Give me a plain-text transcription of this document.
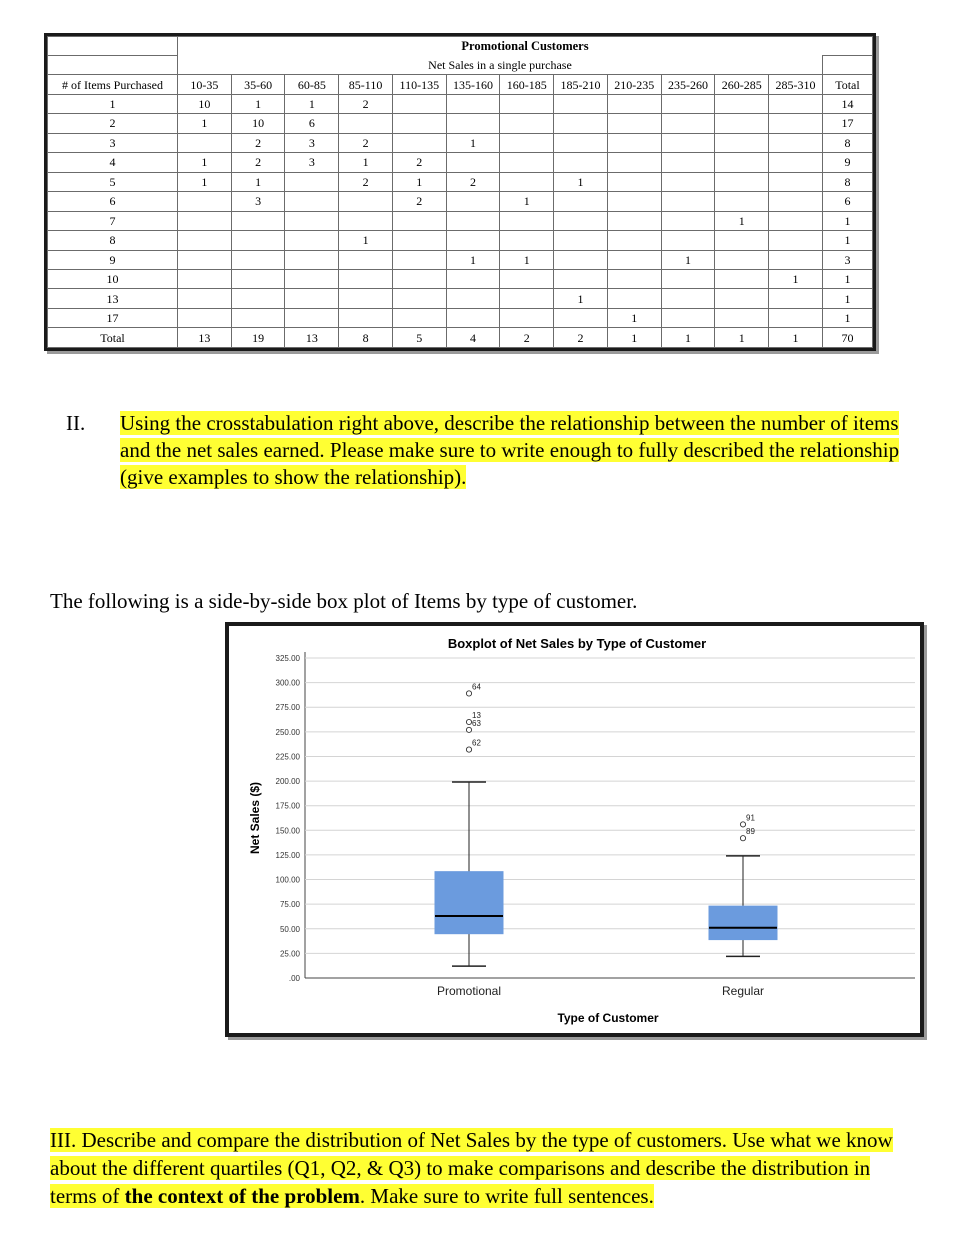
	Promotional Customers												
	Net Sales in a single purchase												
# of Items Purchased	10-35	35-60	60-85	85-110	110-135	135-160	160-185	185-210	210-235	235-260	260-285	285-310	Total
1	10	1	1	2									14
2	1	10	6										17
3		2	3	2		1							8
4	1	2	3	1	2								9
5	1	1		2	1	2		1					8
6		3			2		1						6
7											1		1
8				1									1
9						1	1			1			3
10												1	1
13								1					1
17									1				1
Total	13	19	13	8	5	4	2	2	1	1	1	1	70
II. Using the crosstabulation right above, describe the relationship between the number of items and the net sales earned. Please make sure to write enough to fully described the relationship (give examples to show the relationship).
The following is a side-by-side box plot of Items by type of customer.
Boxplot of Net Sales by Type of Customer
Net Sales ($)
Type of Customer
.00
25.00
50.00
75.00
100.00
125.00
150.00
175.00
200.00
225.00
250.00
275.00
300.00
325.00
62
63
13
64
Promotional
89
91
Regular
III. Describe and compare the distribution of Net Sales by the type of customers. Use what we know about the different quartiles (Q1, Q2, & Q3) to make comparisons and describe the distribution in terms of the context of the problem. Make sure to write full sentences.
